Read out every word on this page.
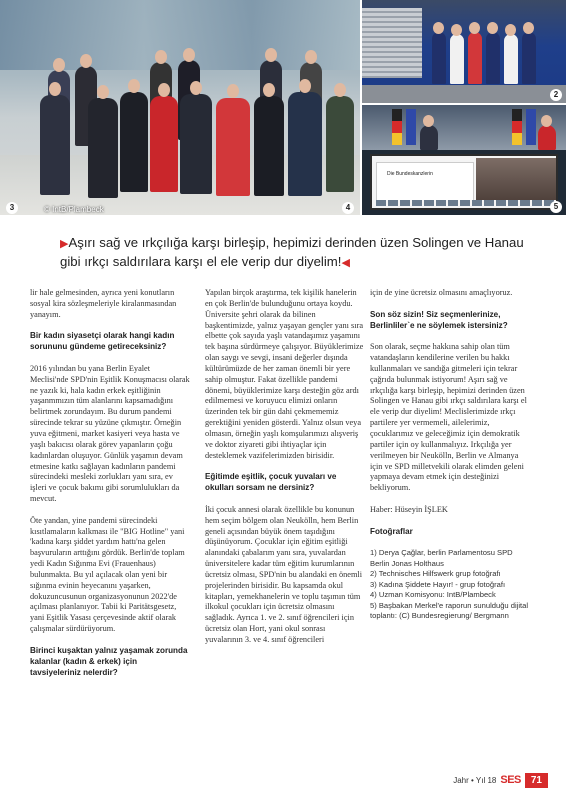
3	4
© IntB/Plambeck
2
Die Bundeskanzlerin
5
▶Aşırı sağ ve ırkçılığa karşı birleşip, hepimizi derinden üzen Solingen ve Hanau gibi ırkçı saldırılara karşı el ele verip dur diyelim!◀

lir hale gelmesinden, ayrıca yeni konutların sosyal kira sözleşmeleriyle kiralanmasından yanayım.

Bir kadın siyasetçi olarak hangi kadın sorununu gündeme getireceksiniz?

2016 yılından bu yana Berlin Eyalet Meclisi'nde SPD'nin Eşitlik Konuşmacısı olarak ne yazık ki, hala kadın erkek eşitliğinin yaşanmmızın tüm alanlarını kapsamadığını belirtmek zorundayım. Bu durum pandemi sürecinde tekrar su yüzüne çıkmıştır. Örneğin yuva eğitmeni, market kasiyeri veya hasta ve yaşlı bakıcısı olarak görev yapanların çoğu kadınlardan oluşuyor. Günlük yaşamın devam etmesine katkı sağlayan kadınların pandemi sürecindeki mesleki zorlukları yanı sıra, ev işleri ve çocuk bakımı gibi sorumlulukları da mevcut.

Öte yandan, yine pandemi sürecindeki kısıtlamaların kalkması ile "BIG Hotline" yani 'kadına karşı şiddet yardım hattı'na gelen başvuruların arttığını gördük. Berlin'de toplam yedi Kadın Sığınma Evi (Frauenhaus) bulunmakta. Bu yıl açılacak olan yeni bir sığınma evinin heyecanını yaşarken, dokuzuncusunun organizasyonunun 2022'de açılması planlanıyor. Tabii ki Paritätsgesetz, yani Eşitlik Yasası çerçevesinde aktif olarak çalışmalar sürdürüyorum.

Birinci kuşaktan yalnız yaşamak zorunda kalanlar (kadın & erkek) için tavsiyeleriniz nelerdir?

Yapılan birçok araştırma, tek kişilik hanelerin en çok Berlin'de bulunduğunu ortaya koydu. Üniversite şehri olarak da bilinen başkentimizde, yalnız yaşayan gençler yanı sıra elbette çok sayıda yaşlı vatandaşımız yaşamını tek başına sürdürmeye çalışıyor. Büyüklerimize olan saygı ve sevgi, insani değerler dışında kültürümüzde de her zaman önemli bir yere sahip olmuştur. Fakat özellikle pandemi dönemi, büyüklerimize karşı desteğin göz ardı edilmemesi ve koruyucu elimizi onların üzerinden tek bir gün dahi çekmememiz gerektiğini yeniden gösterdi. Yalnız olsun veya olmasın, örneğin yaşlı komşularımızı alışveriş ve doktor ziyareti gibi ihtiyaçlar için desteklemek vazifelerimizden birisidir.

Eğitimde eşitlik, çocuk yuvaları ve okulları sorsam ne dersiniz?

İki çocuk annesi olarak özellikle bu konunun hem seçim bölgem olan Neukölln, hem Berlin geneli açısından büyük önem taşıdığını düşünüyorum. Çocuklar için eğitim eşitliği alanındaki çabalarım yanı sıra, yuvalardan üniversitelere kadar tüm eğitim kurumlarının ücretsiz olması, SPD'nin bu alandaki en önemli projelerinden birisidir. Bu kapsamda okul kitapları, yemekhanelerin ve toplu taşımın tüm ilkokul çocukları için ücretsiz olmasını sağladık. Ayrıca 1. ve 2. sınıf öğrencileri için ücretsiz olan Hort, yani okul sonrası yuvalarının 3. ve 4. sınıf öğrencileri

için de yine ücretsiz olmasını amaçlıyoruz.

Son söz sizin! Siz seçmenlerinize, Berlinliler`e ne söylemek istersiniz?

Son olarak, seçme hakkına sahip olan tüm vatandaşların kendilerine verilen bu hakkı kullanmaları ve sandığa gitmeleri için tekrar çağrıda bulunmak istiyorum! Aşırı sağ ve ırkçılığa karşı birleşip, hepimizi derinden üzen Solingen ve Hanau gibi ırkçı saldırılara karşı el ele verip dur diyelim! Meclislerimizde ırkçı partilere yer vermemeli, ailelerimiz, çocuklarımız ve geleceğimiz için demokratik partiler için oy kullanmalıyız. Irkçılığa yer verilmeyen bir Neukölln, Berlin ve Almanya için ve SPD milletvekili olarak elimden geleni yapmaya devam etmek için desteğinizi bekliyorum.

Haber: Hüseyin İŞLEK

Fotoğraflar

1) Derya Çağlar, berlin Parlamentosu SPD Berlin Jonas Holthaus

2) Technisches Hilfswerk grup fotoğrafı

3) Kadına Şiddete Hayır! - grup fotoğrafı

4) Uzman Komisyonu: IntB/Plambeck

5) Başbakan Merkel'e raporun sunulduğu dijital toplantı: (C) Bundesregierung/ Bergmann

Jahr • Yıl 18 SES	71
